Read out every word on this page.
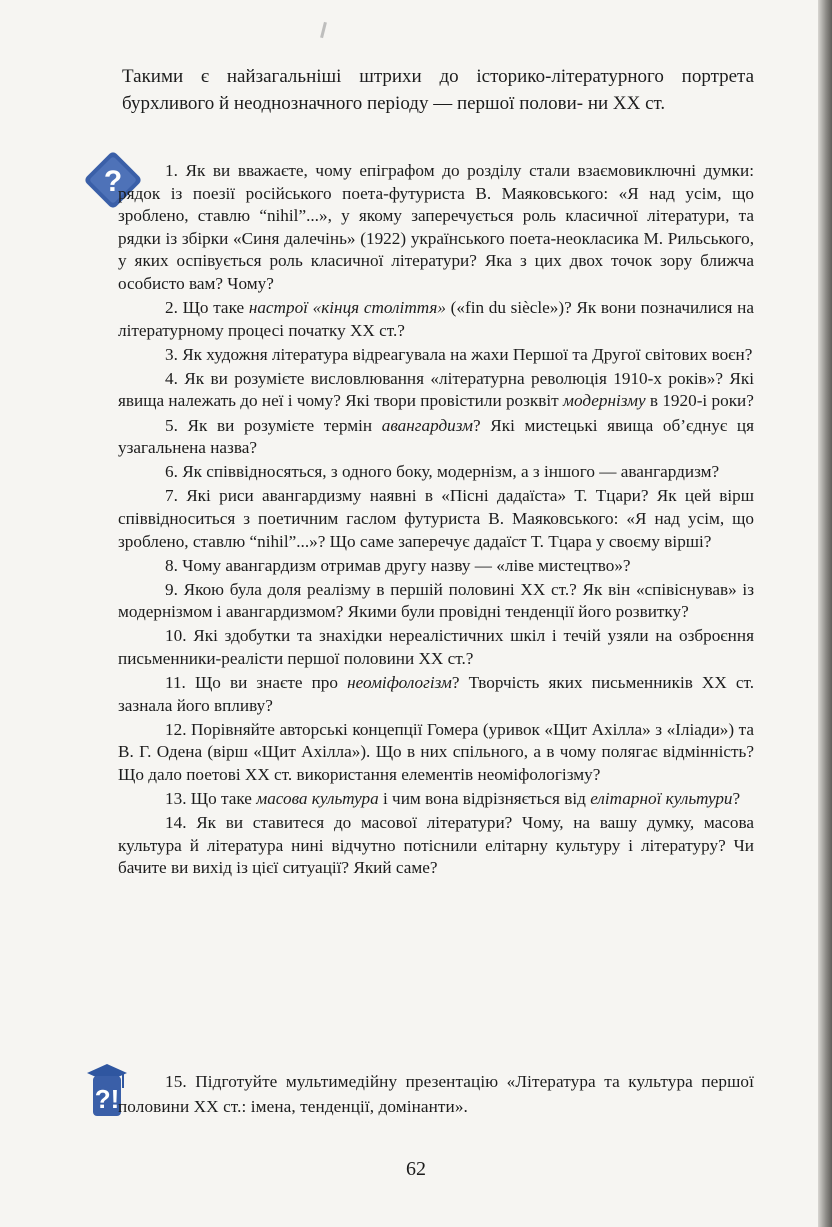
Такими є найзагальніші штрихи до історико-літературного портрета бурхливого й неоднозначного періоду — першої полови- ни XX ст.
?	1. Як ви вважаєте, чому епіграфом до розділу стали взаємовиключні думки: рядок із поезії російського поета-футуриста В. Маяковського: «Я над усім, що зроблено, ставлю “nihil”...», у якому заперечується роль класичної літератури, та рядки із збірки «Синя далечінь» (1922) українського поета-неокласика М. Рильського, у яких оспівується роль класичної літератури? Яка з цих двох точок зору ближча особисто вам? Чому?

2. Що таке настрої «кінця століття» («fin du siècle»)? Як вони позначилися на літературному процесі початку XX ст.?

3. Як художня література відреагувала на жахи Першої та Другої світових воєн?

4. Як ви розумієте висловлювання «літературна революція 1910-х років»? Які явища належать до неї і чому? Які твори провістили розквіт модернізму в 1920-і роки?

5. Як ви розумієте термін авангардизм? Які мистецькі явища об’єднує ця узагальнена назва?

6. Як співвідносяться, з одного боку, модернізм, а з іншого — авангардизм?

7. Які риси авангардизму наявні в «Пісні дадаїста» Т. Тцари? Як цей вірш співвідноситься з поетичним гаслом футуриста В. Маяковського: «Я над усім, що зроблено, ставлю “nihil”...»? Що саме заперечує дадаїст Т. Тцара у своєму вірші?

8. Чому авангардизм отримав другу назву — «ліве мистецтво»?

9. Якою була доля реалізму в першій половині XX ст.? Як він «співіснував» із модернізмом і авангардизмом? Якими були провідні тенденції його розвитку?

10. Які здобутки та знахідки нереалістичних шкіл і течій узяли на озброєння письменники-реалісти першої половини XX ст.?

11. Що ви знаєте про неоміфологізм? Творчість яких письменників XX ст. зазнала його впливу?

12. Порівняйте авторські концепції Гомера (уривок «Щит Ахілла» з «Іліади») та В. Г. Одена (вірш «Щит Ахілла»). Що в них спільного, а в чому полягає відмінність? Що дало поетові XX ст. використання елементів неоміфологізму?

13. Що таке масова культура і чим вона відрізняється від елітарної культури?

14. Як ви ставитеся до масової літератури? Чому, на вашу думку, масова культура й література нині відчутно потіснили елітарну культуру і літературу? Чи бачите ви вихід із цієї ситуації? Який саме?

?!

15. Підготуйте мультимедійну презентацію «Література та культура першої половини XX ст.: імена, тенденції, домінанти».

62
